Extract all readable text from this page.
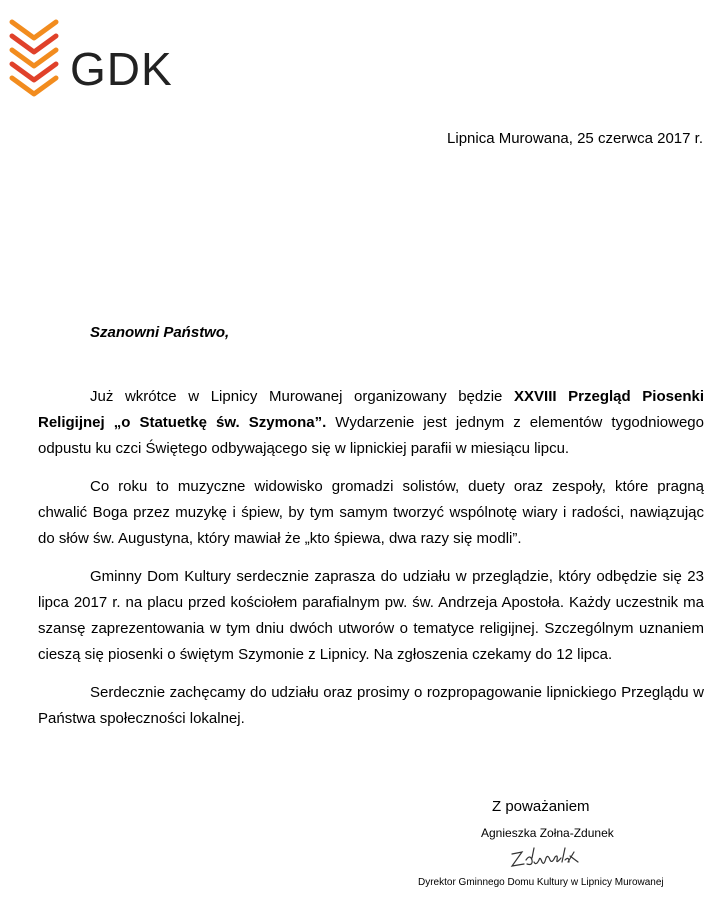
GDK
Lipnica Murowana, 25 czerwca 2017 r.
Szanowni Państwo,

Już wkrótce w Lipnicy Murowanej organizowany będzie XXVIII Przegląd Piosenki Religijnej „o Statuetkę św. Szymona”. Wydarzenie jest jednym z elementów tygodniowego odpustu ku czci Świętego odbywającego się w lipnickiej parafii w miesiącu lipcu.

Co roku to muzyczne widowisko gromadzi solistów, duety oraz zespoły, które pragną chwalić Boga przez muzykę i śpiew, by tym samym tworzyć wspólnotę wiary i radości, nawiązując do słów św. Augustyna, który mawiał że „kto śpiewa, dwa razy się modli”.

Gminny Dom Kultury serdecznie zaprasza do udziału w przeglądzie, który odbędzie się 23 lipca 2017 r. na placu przed kościołem parafialnym pw. św. Andrzeja Apostoła. Każdy uczestnik ma szansę zaprezentowania w tym dniu dwóch utworów o tematyce religijnej. Szczególnym uznaniem cieszą się piosenki o świętym Szymonie z Lipnicy. Na zgłoszenia czekamy do 12 lipca.

Serdecznie zachęcamy do udziału oraz prosimy o rozpropagowanie lipnickiego Przeglądu w Państwa społeczności lokalnej.

Z poważaniem
Agnieszka Zołna-Zdunek
Dyrektor Gminnego Domu Kultury w Lipnicy Murowanej
